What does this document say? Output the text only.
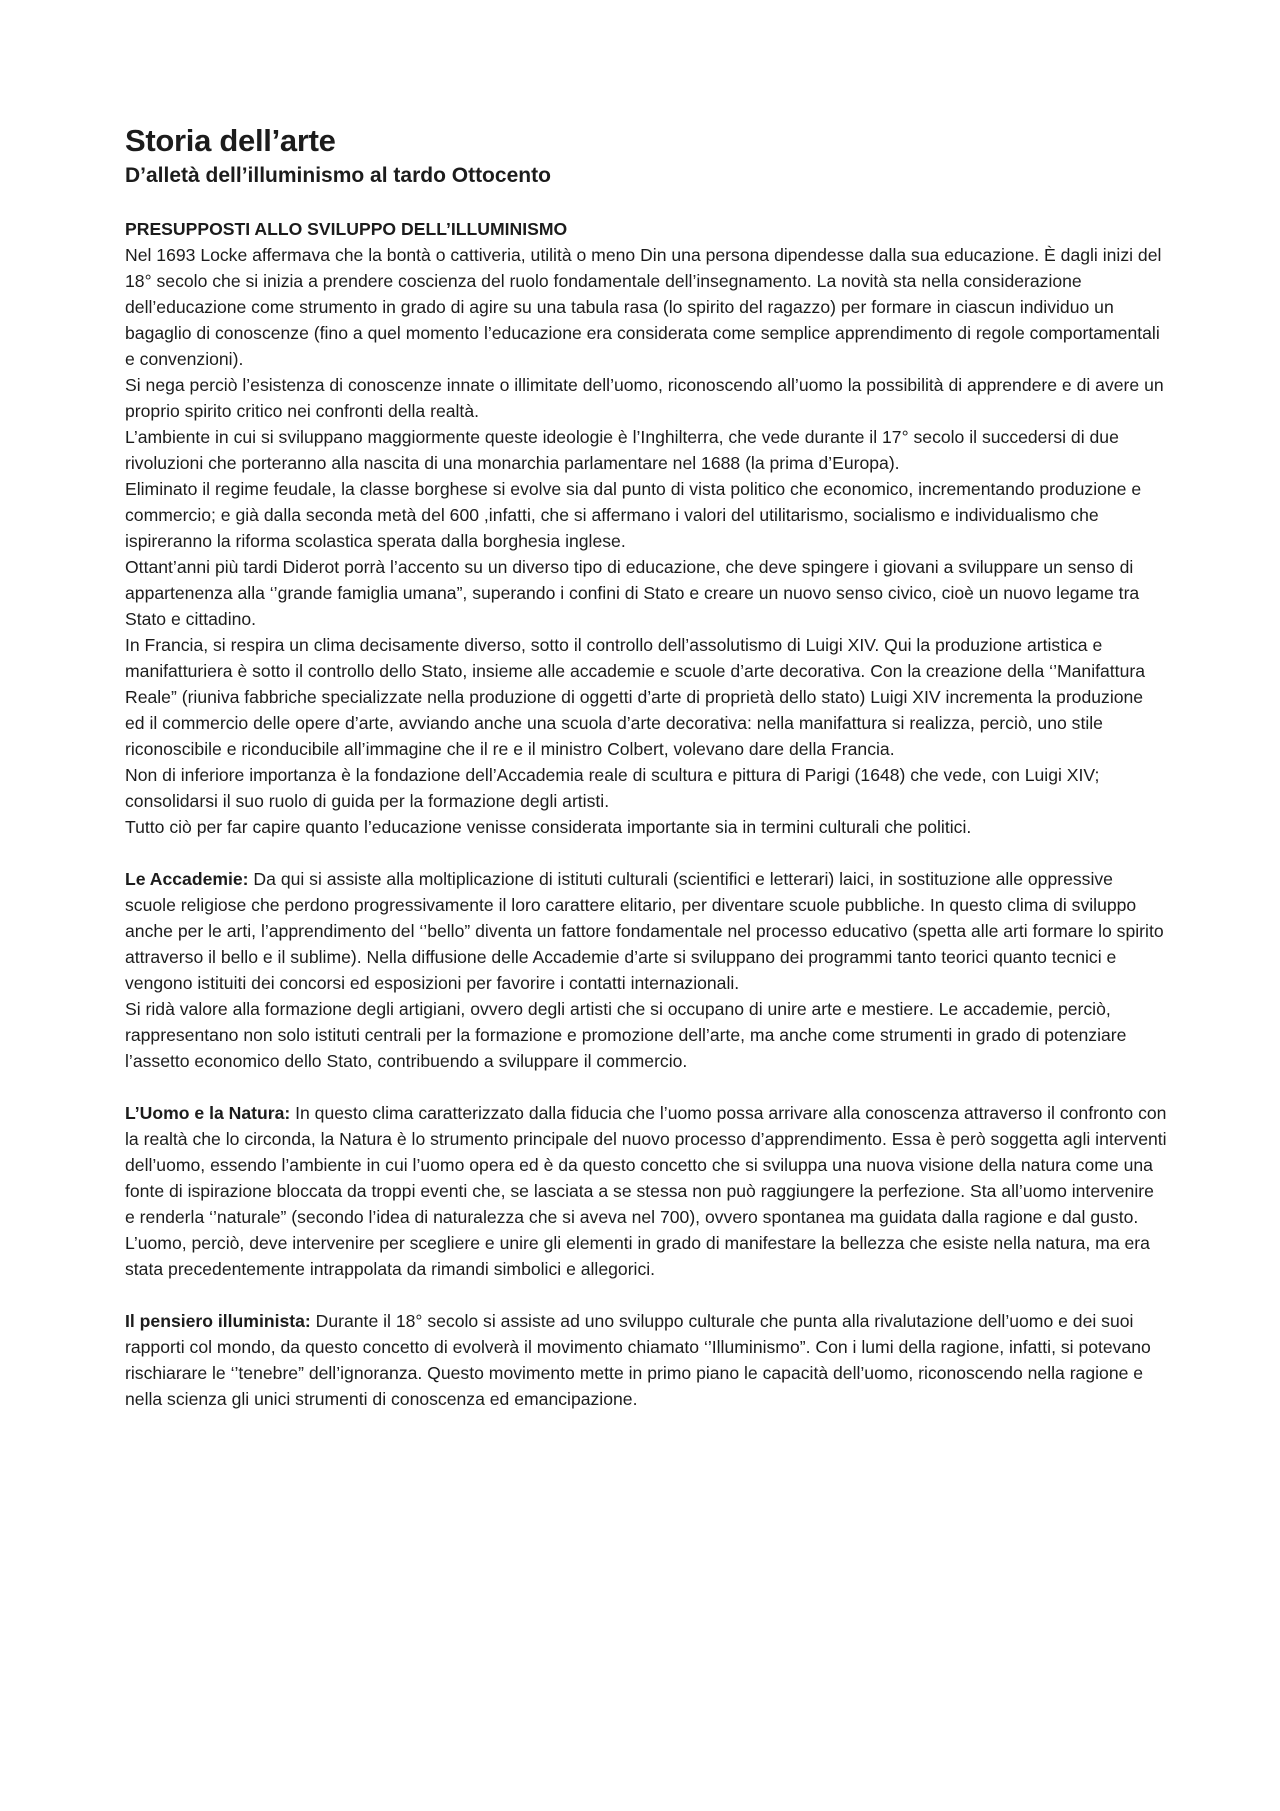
Storia dell’arte
D’alletà dell’illuminismo al tardo Ottocento
PRESUPPOSTI ALLO SVILUPPO DELL’ILLUMINISMO

Nel 1693 Locke affermava che la bontà o cattiveria, utilità o meno Din una persona dipendesse dalla sua educazione. È dagli inizi del 18° secolo che si inizia a prendere coscienza del ruolo fondamentale dell’insegnamento. La novità sta nella considerazione dell’educazione come strumento in grado di agire su una tabula rasa (lo spirito del ragazzo) per formare in ciascun individuo un bagaglio di conoscenze (fino a quel momento l’educazione era considerata come semplice apprendimento di regole comportamentali e convenzioni).

Si nega perciò l’esistenza di conoscenze innate o illimitate dell’uomo, riconoscendo all’uomo la possibilità di apprendere e di avere un proprio spirito critico nei confronti della realtà.

L’ambiente in cui si sviluppano maggiormente queste ideologie è l’Inghilterra, che vede durante il 17° secolo il succedersi di due rivoluzioni che porteranno alla nascita di una monarchia parlamentare nel 1688 (la prima d’Europa).

Eliminato il regime feudale, la classe borghese si evolve sia dal punto di vista politico che economico, incrementando produzione e commercio; e già dalla seconda metà del 600 ,infatti, che si affermano i valori del utilitarismo, socialismo e individualismo che ispireranno la riforma scolastica sperata dalla borghesia inglese.

Ottant’anni più tardi Diderot porrà l’accento su un diverso tipo di educazione, che deve spingere i giovani a sviluppare un senso di appartenenza alla ‘’grande famiglia umana”, superando i confini di Stato e creare un nuovo senso civico, cioè un nuovo legame tra Stato e cittadino.

In Francia, si respira un clima decisamente diverso, sotto il controllo dell’assolutismo di Luigi XIV. Qui la produzione artistica e manifatturiera è sotto il controllo dello Stato, insieme alle accademie e scuole d’arte decorativa. Con la creazione della ‘’Manifattura Reale” (riuniva fabbriche specializzate nella produzione di oggetti d’arte di proprietà dello stato) Luigi XIV incrementa la produzione ed il commercio delle opere d’arte, avviando anche una scuola d’arte decorativa: nella manifattura si realizza, perciò, uno stile riconoscibile e riconducibile all’immagine che il re e il ministro Colbert, volevano dare della Francia.

Non di inferiore importanza è la fondazione dell’Accademia reale di scultura e pittura di Parigi (1648) che vede, con Luigi XIV; consolidarsi il suo ruolo di guida per la formazione degli artisti.

Tutto ciò per far capire quanto l’educazione venisse considerata importante sia in termini culturali che politici.

Le Accademie: Da qui si assiste alla moltiplicazione di istituti culturali (scientifici e letterari) laici, in sostituzione alle oppressive scuole religiose che perdono progressivamente il loro carattere elitario, per diventare scuole pubbliche. In questo clima di sviluppo anche per le arti, l’apprendimento del ‘’bello” diventa un fattore fondamentale nel processo educativo (spetta alle arti formare lo spirito attraverso il bello e il sublime). Nella diffusione delle Accademie d’arte si sviluppano dei programmi tanto teorici quanto tecnici e vengono istituiti dei concorsi ed esposizioni per favorire i contatti internazionali.

Si ridà valore alla formazione degli artigiani, ovvero degli artisti che si occupano di unire arte e mestiere. Le accademie, perciò, rappresentano non solo istituti centrali per la formazione e promozione dell’arte, ma anche come strumenti in grado di potenziare l’assetto economico dello Stato, contribuendo a sviluppare il commercio.

L’Uomo e la Natura: In questo clima caratterizzato dalla fiducia che l’uomo possa arrivare alla conoscenza attraverso il confronto con la realtà che lo circonda, la Natura è lo strumento principale del nuovo processo d’apprendimento. Essa è però soggetta agli interventi dell’uomo, essendo l’ambiente in cui l’uomo opera ed è da questo concetto che si sviluppa una nuova visione della natura come una fonte di ispirazione bloccata da troppi eventi che, se lasciata a se stessa non può raggiungere la perfezione. Sta all’uomo intervenire e renderla ‘’naturale” (secondo l’idea di naturalezza che si aveva nel 700), ovvero spontanea ma guidata dalla ragione e dal gusto.

L’uomo, perciò, deve intervenire per scegliere e unire gli elementi in grado di manifestare la bellezza che esiste nella natura, ma era stata precedentemente intrappolata da rimandi simbolici e allegorici.

Il pensiero illuminista: Durante il 18° secolo si assiste ad uno sviluppo culturale che punta alla rivalutazione dell’uomo e dei suoi rapporti col mondo, da questo concetto di evolverà il movimento chiamato ‘’Illuminismo”. Con i lumi della ragione, infatti, si potevano rischiarare le ‘’tenebre” dell’ignoranza. Questo movimento mette in primo piano le capacità dell’uomo, riconoscendo nella ragione e nella scienza gli unici strumenti di conoscenza ed emancipazione.
